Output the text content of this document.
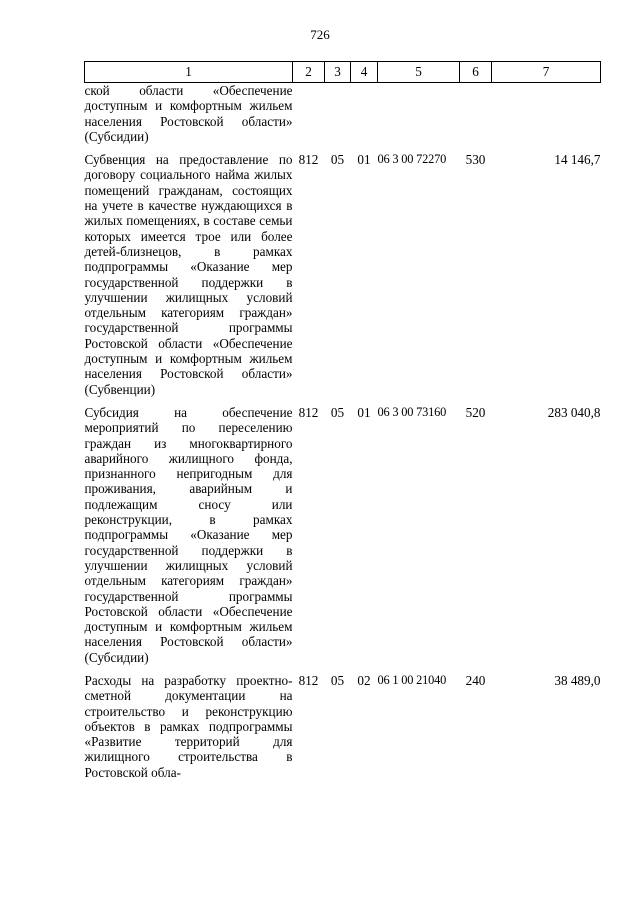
726
1	2	3	4	5	6	7
ской области «Обеспечение доступным и комфортным жильем населения Ростовской области» (Субсидии)						

Субвенция на предоставление по договору социального найма жилых помещений гражданам, состоящих на учете в качестве нуждающихся в жилых помещениях, в составе семьи которых имеется трое или более детей-близнецов, в рамках подпрограммы «Оказание мер государственной поддержки в улучшении жилищных условий отдельным категориям граждан» государственной программы Ростовской области «Обеспечение доступным и комфортным жильем населения Ростовской области» (Субвенции)	812	05	01	06 3 00 72270	530	14 146,7

Субсидия на обеспечение мероприятий по переселению граждан из многоквартирного аварийного жилищного фонда, признанного непригодным для проживания, аварийным и подлежащим сносу или реконструкции, в рамках подпрограммы «Оказание мер государственной поддержки в улучшении жилищных условий отдельным категориям граждан» государственной программы Ростовской области «Обеспечение доступным и комфортным жильем населения Ростовской области» (Субсидии)	812	05	01	06 3 00 73160	520	283 040,8

Расходы на разработку проектно-сметной документации на строительство и реконструкцию объектов в рамках подпрограммы «Развитие территорий для жилищного строительства в Ростовской обла-	812	05	02	06 1 00 21040	240	38 489,0
